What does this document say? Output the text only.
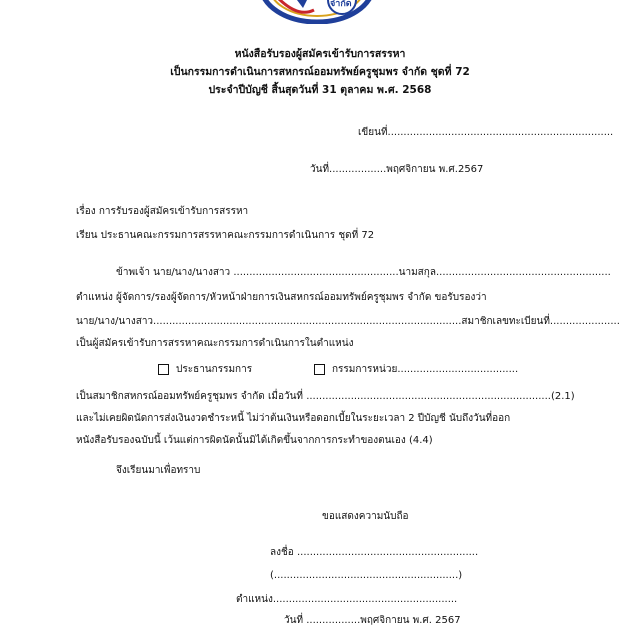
จำกัด
หนังสือรับรองผู้สมัครเข้ารับการสรรหา
เป็นกรรมการดำเนินการสหกรณ์ออมทรัพย์ครูชุมพร จำกัด ชุดที่ 72
ประจำปีบัญชี สิ้นสุดวันที่ 31 ตุลาคม พ.ศ. 2568
เขียนที่.......................................................................
วันที่..................พฤศจิกายน พ.ศ.2567
เรื่อง การรับรองผู้สมัครเข้ารับการสรรหา
เรียน ประธานคณะกรรมการสรรหาคณะกรรมการดำเนินการ ชุดที่ 72
ข้าพเจ้า นาย/นาง/นางสาว ....................................................นามสกุล.......................................................
ตำแหน่ง ผู้จัดการ/รองผู้จัดการ/หัวหน้าฝ่ายการเงินสหกรณ์ออมทรัพย์ครูชุมพร จำกัด ขอรับรองว่า
นาย/นาง/นางสาว.................................................................................................สมาชิกเลขทะเบียนที่......................
เป็นผู้สมัครเข้ารับการสรรหาคณะกรรมการดำเนินการในตำแหน่ง
ประธานกรรมการ	กรรมการหน่วย......................................
เป็นสมาชิกสหกรณ์ออมทรัพย์ครูชุมพร จำกัด เมื่อวันที่ .............................................................................(2.1)
และไม่เคยผิดนัดการส่งเงินงวดชำระหนี้ ไม่ว่าต้นเงินหรือดอกเบี้ยในระยะเวลา 2 ปีบัญชี นับถึงวันที่ออก
หนังสือรับรองฉบับนี้ เว้นแต่การผิดนัดนั้นมิได้เกิดขึ้นจากการกระทำของตนเอง (4.4)
จึงเรียนมาเพื่อทราบ
ขอแสดงความนับถือ
ลงชื่อ .........................................................
(..........................................................)
ตำแหน่ง..........................................................
วันที่ .................พฤศจิกายน พ.ศ. 2567
